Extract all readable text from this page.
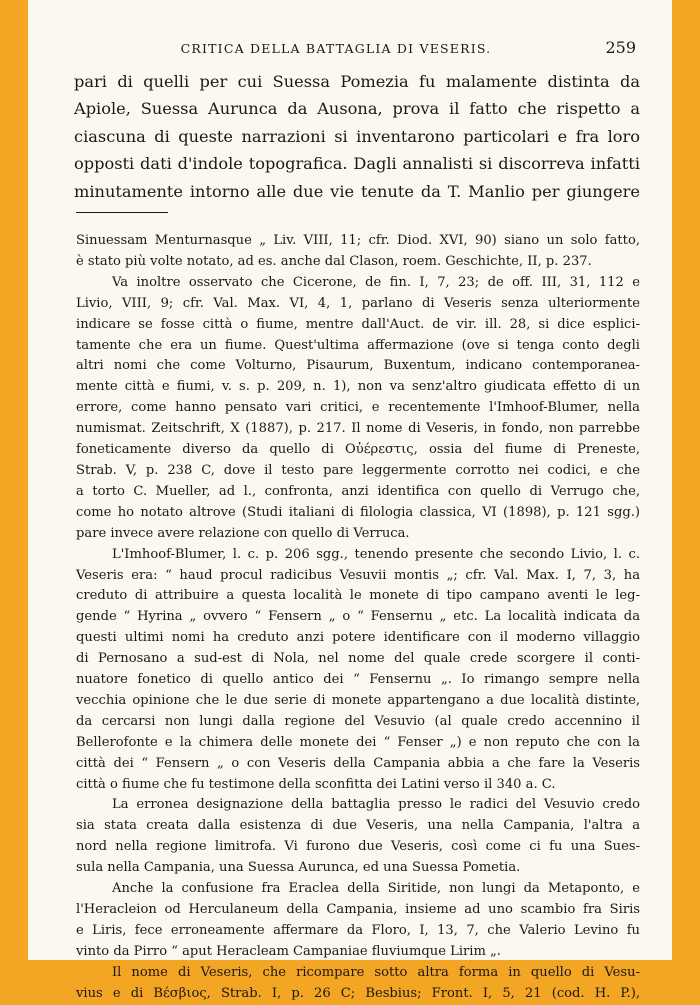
CRITICA DELLA BATTAGLIA DI VESERIS.	259
pari di quelli per cui Suessa Pomezia fu malamente distinta da
Apiole, Suessa Aurunca da Ausona, prova il fatto che rispetto a
ciascuna di queste narrazioni si inventarono particolari e fra loro
opposti dati d'indole topografica. Dagli annalisti si discorreva infatti
minutamente intorno alle due vie tenute da T. Manlio per giungere
Sinuessam Menturnasque „ Liv. VIII, 11; cfr. Diod. XVI, 90) siano un solo fatto,
è stato più volte notato, ad es. anche dal Clason, roem. Geschichte, II, p. 237.
Va inoltre osservato che Cicerone, de fin. I, 7, 23; de off. III, 31, 112 e
Livio, VIII, 9; cfr. Val. Max. VI, 4, 1, parlano di Veseris senza ulteriormente
indicare se fosse città o fiume, mentre dall'Auct. de vir. ill. 28, si dice esplici-
tamente che era un fiume. Quest'ultima affermazione (ove si tenga conto degli
altri nomi che come Volturno, Pisaurum, Buxentum, indicano contemporanea-
mente città e fiumi, v. s. p. 209, n. 1), non va senz'altro giudicata effetto di un
errore, come hanno pensato vari critici, e recentemente l'Imhoof-Blumer, nella
numismat. Zeitschrift, X (1887), p. 217. Il nome di Veseris, in fondo, non parrebbe
foneticamente diverso da quello di Οὐέρεστις, ossia del fiume di Preneste,
Strab. V, p. 238 C, dove il testo pare leggermente corrotto nei codici, e che
a torto C. Mueller, ad l., confronta, anzi identifica con quello di Verrugo che,
come ho notato altrove (Studi italiani di filologia classica, VI (1898), p. 121 sgg.)
pare invece avere relazione con quello di Verruca.
L'Imhoof-Blumer, l. c. p. 206 sgg., tenendo presente che secondo Livio, l. c.
Veseris era: “ haud procul radicibus Vesuvii montis „; cfr. Val. Max. I, 7, 3, ha
creduto di attribuire a questa località le monete di tipo campano aventi le leg-
gende “ Hyrina „ ovvero “ Fensern „ o “ Fensernu „ etc. La località indicata da
questi ultimi nomi ha creduto anzi potere identificare con il moderno villaggio
di Pernosano a sud-est di Nola, nel nome del quale crede scorgere il conti-
nuatore fonetico di quello antico dei “ Fensernu „. Io rimango sempre nella
vecchia opinione che le due serie di monete appartengano a due località distinte,
da cercarsi non lungi dalla regione del Vesuvio (al quale credo accennino il
Bellerofonte e la chimera delle monete dei “ Fenser „) e non reputo che con la
città dei “ Fensern „ o con Veseris della Campania abbia a che fare la Veseris
città o fiume che fu testimone della sconfitta dei Latini verso il 340 a. C.
La erronea designazione della battaglia presso le radici del Vesuvio credo
sia stata creata dalla esistenza di due Veseris, una nella Campania, l'altra a
nord nella regione limitrofa. Vi furono due Veseris, così come ci fu una Sues-
sula nella Campania, una Suessa Aurunca, ed una Suessa Pometia.
Anche la confusione fra Eraclea della Siritide, non lungi da Metaponto, e
l'Heracleion od Herculaneum della Campania, insieme ad uno scambio fra Siris
e Liris, fece erroneamente affermare da Floro, I, 13, 7, che Valerio Levino fu
vinto da Pirro “ aput Heracleam Campaniae fluviumque Lirim „.
Il nome di Veseris, che ricompare sotto altra forma in quello di Vesu-
vius e di Βέσβιος, Strab. I, p. 26 C; Besbius; Front. I, 5, 21 (cod. H. P.),
